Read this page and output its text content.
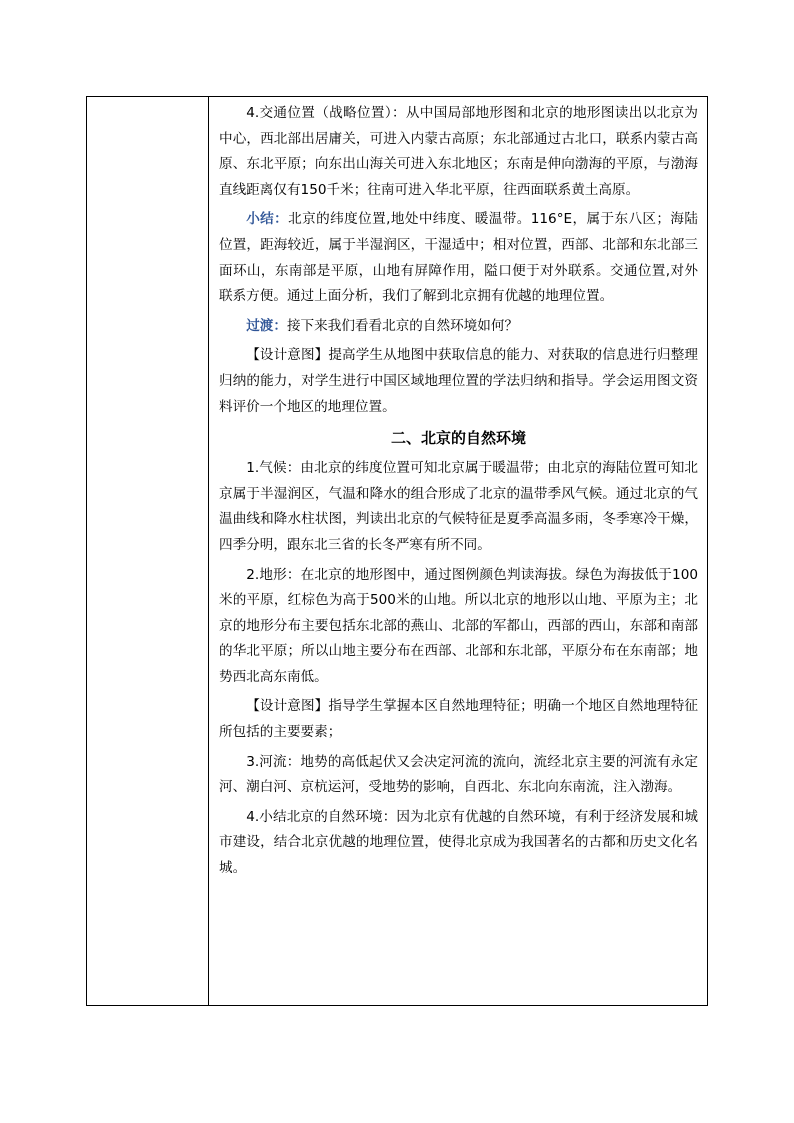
4.交通位置（战略位置）：从中国局部地形图和北京的地形图读出以北京为中心，西北部出居庸关，可进入内蒙古高原；东北部通过古北口，联系内蒙古高原、东北平原；向东出山海关可进入东北地区；东南是伸向渤海的平原，与渤海直线距离仅有150千米；往南可进入华北平原，往西面联系黄土高原。

小结：北京的纬度位置,地处中纬度、暖温带。116°E，属于东八区；海陆位置，距海较近，属于半湿润区，干湿适中；相对位置，西部、北部和东北部三面环山，东南部是平原，山地有屏障作用，隘口便于对外联系。交通位置,对外联系方便。通过上面分析，我们了解到北京拥有优越的地理位置。

过渡：接下来我们看看北京的自然环境如何？

【设计意图】提高学生从地图中获取信息的能力、对获取的信息进行归整理归纳的能力，对学生进行中国区域地理位置的学法归纳和指导。学会运用图文资料评价一个地区的地理位置。

二、北京的自然环境

1.气候：由北京的纬度位置可知北京属于暖温带；由北京的海陆位置可知北京属于半湿润区，气温和降水的组合形成了北京的温带季风气候。通过北京的气温曲线和降水柱状图，判读出北京的气候特征是夏季高温多雨，冬季寒冷干燥，四季分明，跟东北三省的长冬严寒有所不同。

2.地形：在北京的地形图中，通过图例颜色判读海拔。绿色为海拔低于100米的平原，红棕色为高于500米的山地。所以北京的地形以山地、平原为主；北京的地形分布主要包括东北部的燕山、北部的军都山，西部的西山，东部和南部的华北平原；所以山地主要分布在西部、北部和东北部，平原分布在东南部；地势西北高东南低。

【设计意图】指导学生掌握本区自然地理特征；明确一个地区自然地理特征所包括的主要要素；

3.河流：地势的高低起伏又会决定河流的流向，流经北京主要的河流有永定河、潮白河、京杭运河，受地势的影响，自西北、东北向东南流，注入渤海。

4.小结北京的自然环境：因为北京有优越的自然环境，有利于经济发展和城市建设，结合北京优越的地理位置，使得北京成为我国著名的古都和历史文化名城。
